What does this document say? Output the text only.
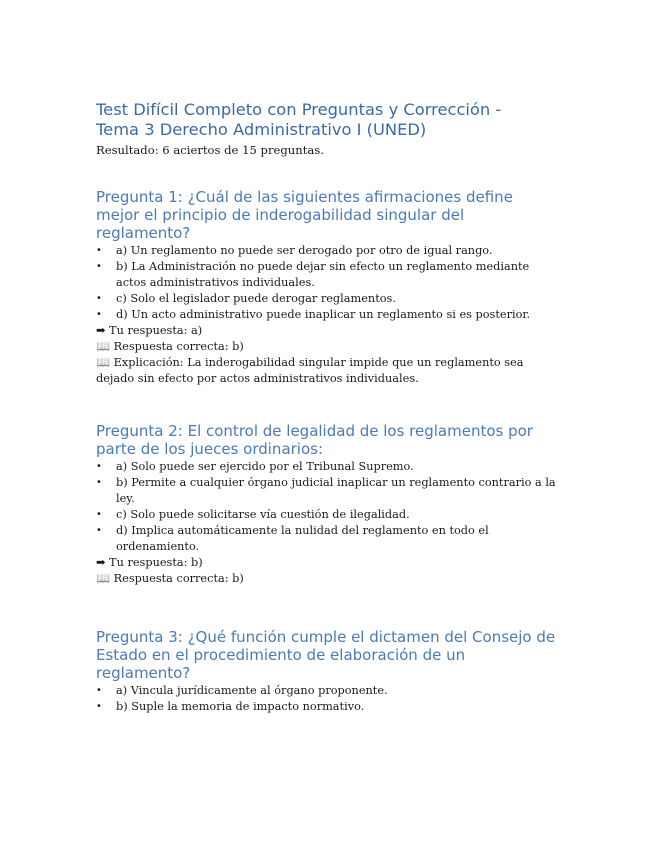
Test Difícil Completo con Preguntas y Corrección -
Tema 3 Derecho Administrativo I (UNED)

Resultado: 6 aciertos de 15 preguntas.

Pregunta 1: ¿Cuál de las siguientes afirmaciones define mejor el principio de inderogabilidad singular del reglamento?
• a) Un reglamento no puede ser derogado por otro de igual rango.
• b) La Administración no puede dejar sin efecto un reglamento mediante actos administrativos individuales.
• c) Solo el legislador puede derogar reglamentos.
• d) Un acto administrativo puede inaplicar un reglamento si es posterior.

➡ Tu respuesta: a)

📖 Respuesta correcta: b)

📖 Explicación: La inderogabilidad singular impide que un reglamento sea dejado sin efecto por actos administrativos individuales.

Pregunta 2: El control de legalidad de los reglamentos por parte de los jueces ordinarios:
• a) Solo puede ser ejercido por el Tribunal Supremo.
• b) Permite a cualquier órgano judicial inaplicar un reglamento contrario a la ley.
• c) Solo puede solicitarse vía cuestión de ilegalidad.
• d) Implica automáticamente la nulidad del reglamento en todo el ordenamiento.

➡ Tu respuesta: b)

📖 Respuesta correcta: b)

Pregunta 3: ¿Qué función cumple el dictamen del Consejo de Estado en el procedimiento de elaboración de un reglamento?
• a) Vincula jurídicamente al órgano proponente.
• b) Suple la memoria de impacto normativo.
